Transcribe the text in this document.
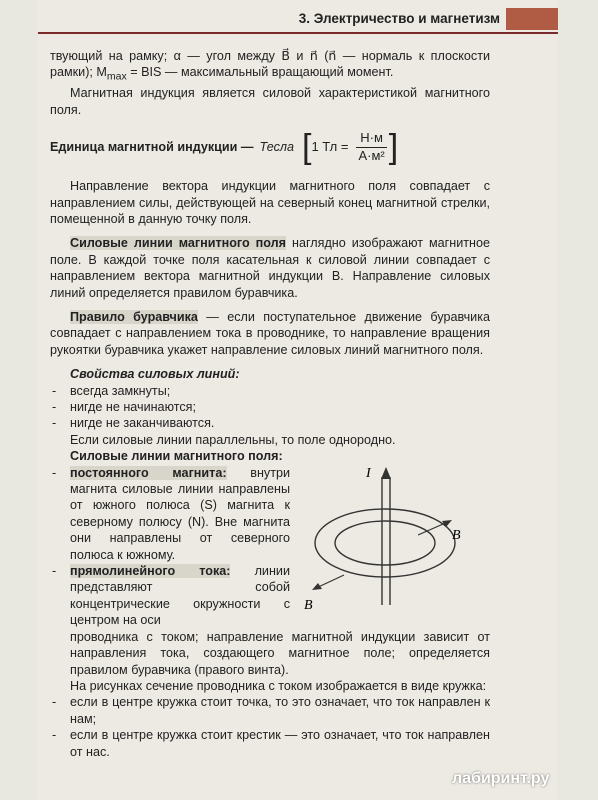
3. Электричество и магнетизм

твующий на рамку; α — угол между B⃗ и n⃗ (n⃗ — нормаль к плоскости рамки); $M_{max}$ = BIS — максимальный вращающий момент.

Магнитная индукция является силовой характеристикой магнитного поля.

Единица магнитной индукции — Тесла [ 1 Тл = $\frac{Н\cdot м}{\text{А·м²}}$ ]

Направление вектора индукции магнитного поля совпадает с направлением силы, действующей на северный конец магнитной стрелки, помещенной в данную точку поля.

Силовые линии магнитного поля наглядно изображают магнитное поле. В каждой точке поля касательная к силовой линии совпадает с направлением вектора магнитной индукции B. Направление силовых линий определяется правилом буравчика.

Правило буравчика — если поступательное движение буравчика совпадает с направлением тока в проводнике, то направление вращения рукоятки буравчика укажет направление силовых линий магнитного поля.

Свойства силовых линий:

- всегда замкнуты;
- нигде не начинаются;
- нигде не заканчиваются.

Если силовые линии параллельны, то поле однородно.

Силовые линии магнитного поля:

- постоянного магнита: внутри магнита силовые линии направлены от южного полюса (S) магнита к северному полюсу (N). Вне магнита они направлены от северного полюса к южному.
- прямолинейного тока: линии представляют собой концентрические окружности с центром на оси
I
B
B

проводника с током; направление магнитной индукции зависит от направления тока, создающего магнитное поле; определяется правилом буравчика (правого винта).

На рисунках сечение проводника с током изображается в виде кружка:

- если в центре кружка стоит точка, то это означает, что ток направлен к нам;
- если в центре кружка стоит крестик — это означает, что ток направлен от нас.
лабиринт.ру
